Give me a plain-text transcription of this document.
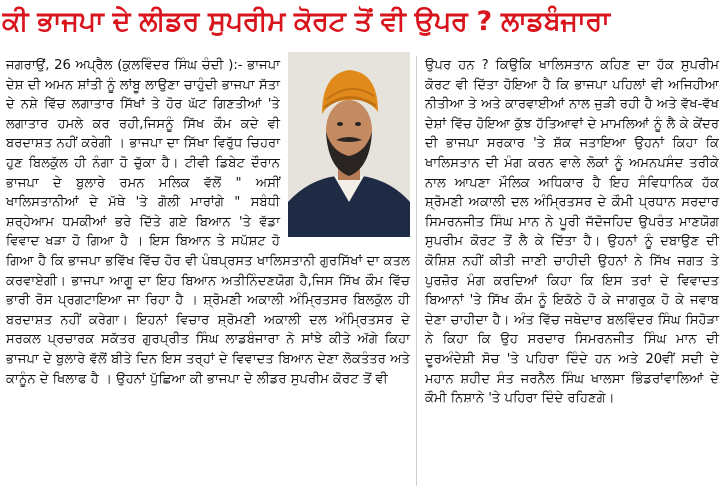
ਕੀ ਭਾਜਪਾ ਦੇ ਲੀਡਰ ਸੁਪਰੀਮ ਕੋਰਟ ਤੋਂ ਵੀ ਉਪਰ ? ਲਾਡਬੰਜਾਰਾ

ਜਗਰਾਉਂ, 26 ਅਪ੍ਰੈਲ (ਕੁਲਵਿੰਦਰ ਸਿੰਘ ਚੰਦੀ ):- ਭਾਜਪਾ ਦੇਸ਼ ਦੀ ਅਮਨ ਸ਼ਾਂਤੀ ਨੂੰ ਲਾਂਬੂ ਲਾਉਣਾ ਚਾਹੁੰਦੀ ਭਾਜਪਾ ਸੱਤਾ ਦੇ ਨਸ਼ੇ ਵਿੱਚ ਲਗਾਤਾਰ ਸਿੱਖਾਂ ਤੇ ਹੋਰ ਘੱਟ ਗਿਣਤੀਆਂ 'ਤੇ ਲਗਾਤਾਰ ਹਮਲੇ ਕਰ ਰਹੀ,ਜਿਸਨੂੰ ਸਿੱਖ ਕੌਮ ਕਦੇ ਵੀ ਬਰਦਾਸ਼ਤ ਨਹੀਂ ਕਰੇਗੀ । ਭਾਜਪਾ ਦਾ ਸਿੱਖਾ ਵਿਰੁੱਧ ਚਿਹਰਾ ਹੁਣ ਬਿਲਕੁੱਲ ਹੀ ਨੰਗਾ ਹੋ ਚੁੱਕਾ ਹੈ। ਟੀਵੀ ਡਿਬੇਟ ਦੌਰਾਨ ਭਾਜਪਾ ਦੇ ਬੁਲਾਰੇ ਰਮਨ ਮਲਿਕ ਵੱਲੋਂ " ਅਸੀਂ ਖਾਲਿਸਤਾਨੀਆਂ ਦੇ ਮੱਥੇ 'ਤੇ ਗੋਲੀ ਮਾਰਾਂਗੇ " ਸਬੰਧੀ ਸ਼ਰ੍ਹੇਆਮ ਧਮਕੀਆਂ ਭਰੇ ਦਿੱਤੇ ਗਏ ਬਿਆਨ 'ਤੇ ਵੱਡਾ ਵਿਵਾਦ ਖੜਾ ਹੋ ਗਿਆ ਹੈ । ਇਸ ਬਿਆਨ ਤੇ ਸਪੱਸ਼ਟ ਹੋ ਗਿਆ ਹੈ ਕਿ ਭਾਜਪਾ ਭਵਿੱਖ ਵਿੱਚ ਹੋਰ ਵੀ ਪੰਥਪ੍ਰਸਤ ਖਾਲਿਸਤਾਨੀ ਗੁਰਸਿੱਖਾਂ ਦਾ ਕਤਲ ਕਰਵਾਏਗੀ। ਭਾਜਪਾ ਆਗੂ ਦਾ ਇਹ ਬਿਆਨ ਅਤੀਨਿੰਦਣਯੋਗ ਹੈ,ਜਿਸ ਸਿੱਖ ਕੌਮ ਵਿੱਚ ਭਾਰੀ ਰੋਸ ਪ੍ਰਗਟਾਇਆ ਜਾ ਰਿਹਾ ਹੈ । ਸ਼੍ਰੋਮਣੀ ਅਕਾਲੀ ਅੰਮ੍ਰਿਤਸਰ ਬਿਲਕੁੱਲ ਹੀ ਬਰਦਾਸ਼ਤ ਨਹੀਂ ਕਰੇਗਾ। ਇਹਨਾਂ ਵਿਚਾਰ ਸ਼੍ਰੋਮਣੀ ਅਕਾਲੀ ਦਲ ਅੰਮ੍ਰਿਤਸਰ ਦੇ ਸਰਕਲ ਪ੍ਰਚਾਰਕ ਸਕੱਤਰ ਗੁਰਪ੍ਰੀਤ ਸਿੰਘ ਲਾਡਬੰਜਾਰਾ ਨੇ ਸਾਂਝੇ ਕੀਤੇ ਅੱਗੇ ਕਿਹਾ ਭਾਜਪਾ ਦੇ ਬੁਲਾਰੇ ਵੱਲੋਂ ਬੀਤੇ ਦਿਨ ਇਸ ਤਰ੍ਹਾਂ ਦੇ ਵਿਵਾਦਤ ਬਿਆਨ ਦੇਣਾ ਲੋਕਤੰਤਰ ਅਤੇ ਕਾਨੂੰਨ ਦੇ ਖਿਲਾਫ ਹੈ । ਉਹਨਾਂ ਪੁੱਛਿਆ ਕੀ ਭਾਜਪਾ ਦੇ ਲੀਡਰ ਸੁਪਰੀਮ ਕੋਰਟ ਤੋਂ ਵੀ

ਉਪਰ ਹਨ ? ਕਿਉਕਿ ਖਾਲਿਸਤਾਨ ਕਹਿਣ ਦਾ ਹੱਕ ਸੁਪਰੀਮ ਕੋਰਟ ਵੀ ਦਿੱਤਾ ਹੋਇਆ ਹੈ ਕਿ ਭਾਜਪਾ ਪਹਿਲਾਂ ਵੀ ਅਜਿਹੀਆ ਨੀਤੀਆ ਤੇ ਅਤੇ ਕਾਰਵਾਈਆਂ ਨਾਲ ਜੁੜੀ ਰਹੀ ਹੈ ਅਤੇ ਵੱਖ-ਵੱਖ ਦੇਸ਼ਾਂ ਵਿੱਚ ਹੋਇਆ ਕੁੱਝ ਹੱਤਿਆਵਾਂ ਦੇ ਮਾਮਲਿਆਂ ਨੂੰ ਲੈ ਕੇ ਕੇਂਦਰ ਦੀ ਭਾਜਪਾ ਸਰਕਾਰ 'ਤੇ ਸ਼ੱਕ ਜਤਾਇਆ ਉਹਨਾਂ ਕਿਹਾ ਕਿ ਖਾਲਿਸਤਾਨ ਦੀ ਮੰਗ ਕਰਨ ਵਾਲੇ ਲੋਕਾਂ ਨੂੰ ਅਮਨਪਸੰਦ ਤਰੀਕੇ ਨਾਲ ਆਪਣਾ ਮੌਲਿਕ ਅਧਿਕਾਰ ਹੈ ਇਹ ਸੰਵਿਧਾਨਿਕ ਹੱਕ ਸ਼੍ਰੋਮਣੀ ਅਕਾਲੀ ਦਲ ਅੰਮ੍ਰਿਤਸਰ ਦੇ ਕੌਮੀ ਪ੍ਰਧਾਨ ਸਰਦਾਰ ਸਿਮਰਨਜੀਤ ਸਿੰਘ ਮਾਨ ਨੇ ਪੂਰੀ ਜੱਦੋਜਹਿਦ ਉਪਰੰਤ ਮਾਣਯੋਗ ਸੁਪਰੀਮ ਕੋਰਟ ਤੋਂ ਲੈ ਕੇ ਦਿੱਤਾ ਹੈ। ਉਹਨਾਂ ਨੂੰ ਦਬਾਉਣ ਦੀ ਕੋਸ਼ਿਸ਼ ਨਹੀਂ ਕੀਤੀ ਜਾਣੀ ਚਾਹੀਦੀ ਉਹਨਾਂ ਨੇ ਸਿੱਖ ਜਗਤ ਤੇ ਪੁਰਜ਼ੋਰ ਮੰਗ ਕਰਦਿਆਂ ਕਿਹਾ ਕਿ ਇਸ ਤਰਾਂ ਦੇ ਵਿਵਾਦਤ ਬਿਆਨਾਂ 'ਤੇ ਸਿੱਖ ਕੌਮ ਨੂੰ ਇਕੱਠੇ ਹੋ ਕੇ ਜਾਗਰੁਕ ਹੋ ਕੇ ਜਵਾਬ ਦੇਣਾ ਚਾਹੀਦਾ ਹੈ। ਅੰਤ ਵਿੱਚ ਜਥੇਦਾਰ ਬਲਵਿੰਦਰ ਸਿੰਘ ਸਿਹੋੜਾ ਨੇ ਕਿਹਾ ਕਿ ਉਹ ਸਰਦਾਰ ਸਿਮਰਨਜੀਤ ਸਿੰਘ ਮਾਨ ਦੀ ਦੂਰਅੰਦੇਸ਼ੀ ਸੋਚ 'ਤੇ ਪਹਿਰਾ ਦਿੰਦੇ ਹਨ ਅਤੇ 20ਵੀਂ ਸਦੀ ਦੇ ਮਹਾਨ ਸ਼ਹੀਦ ਸੰਤ ਜਰਨੈਲ ਸਿੰਘ ਖਾਲਸਾ ਭਿੰਡਰਾਂਵਾਲਿਆਂ ਦੇ ਕੌਮੀ ਨਿਸ਼ਾਨੇ 'ਤੇ ਪਹਿਰਾ ਦਿੰਦੇ ਰਹਿਣਗੇ।
